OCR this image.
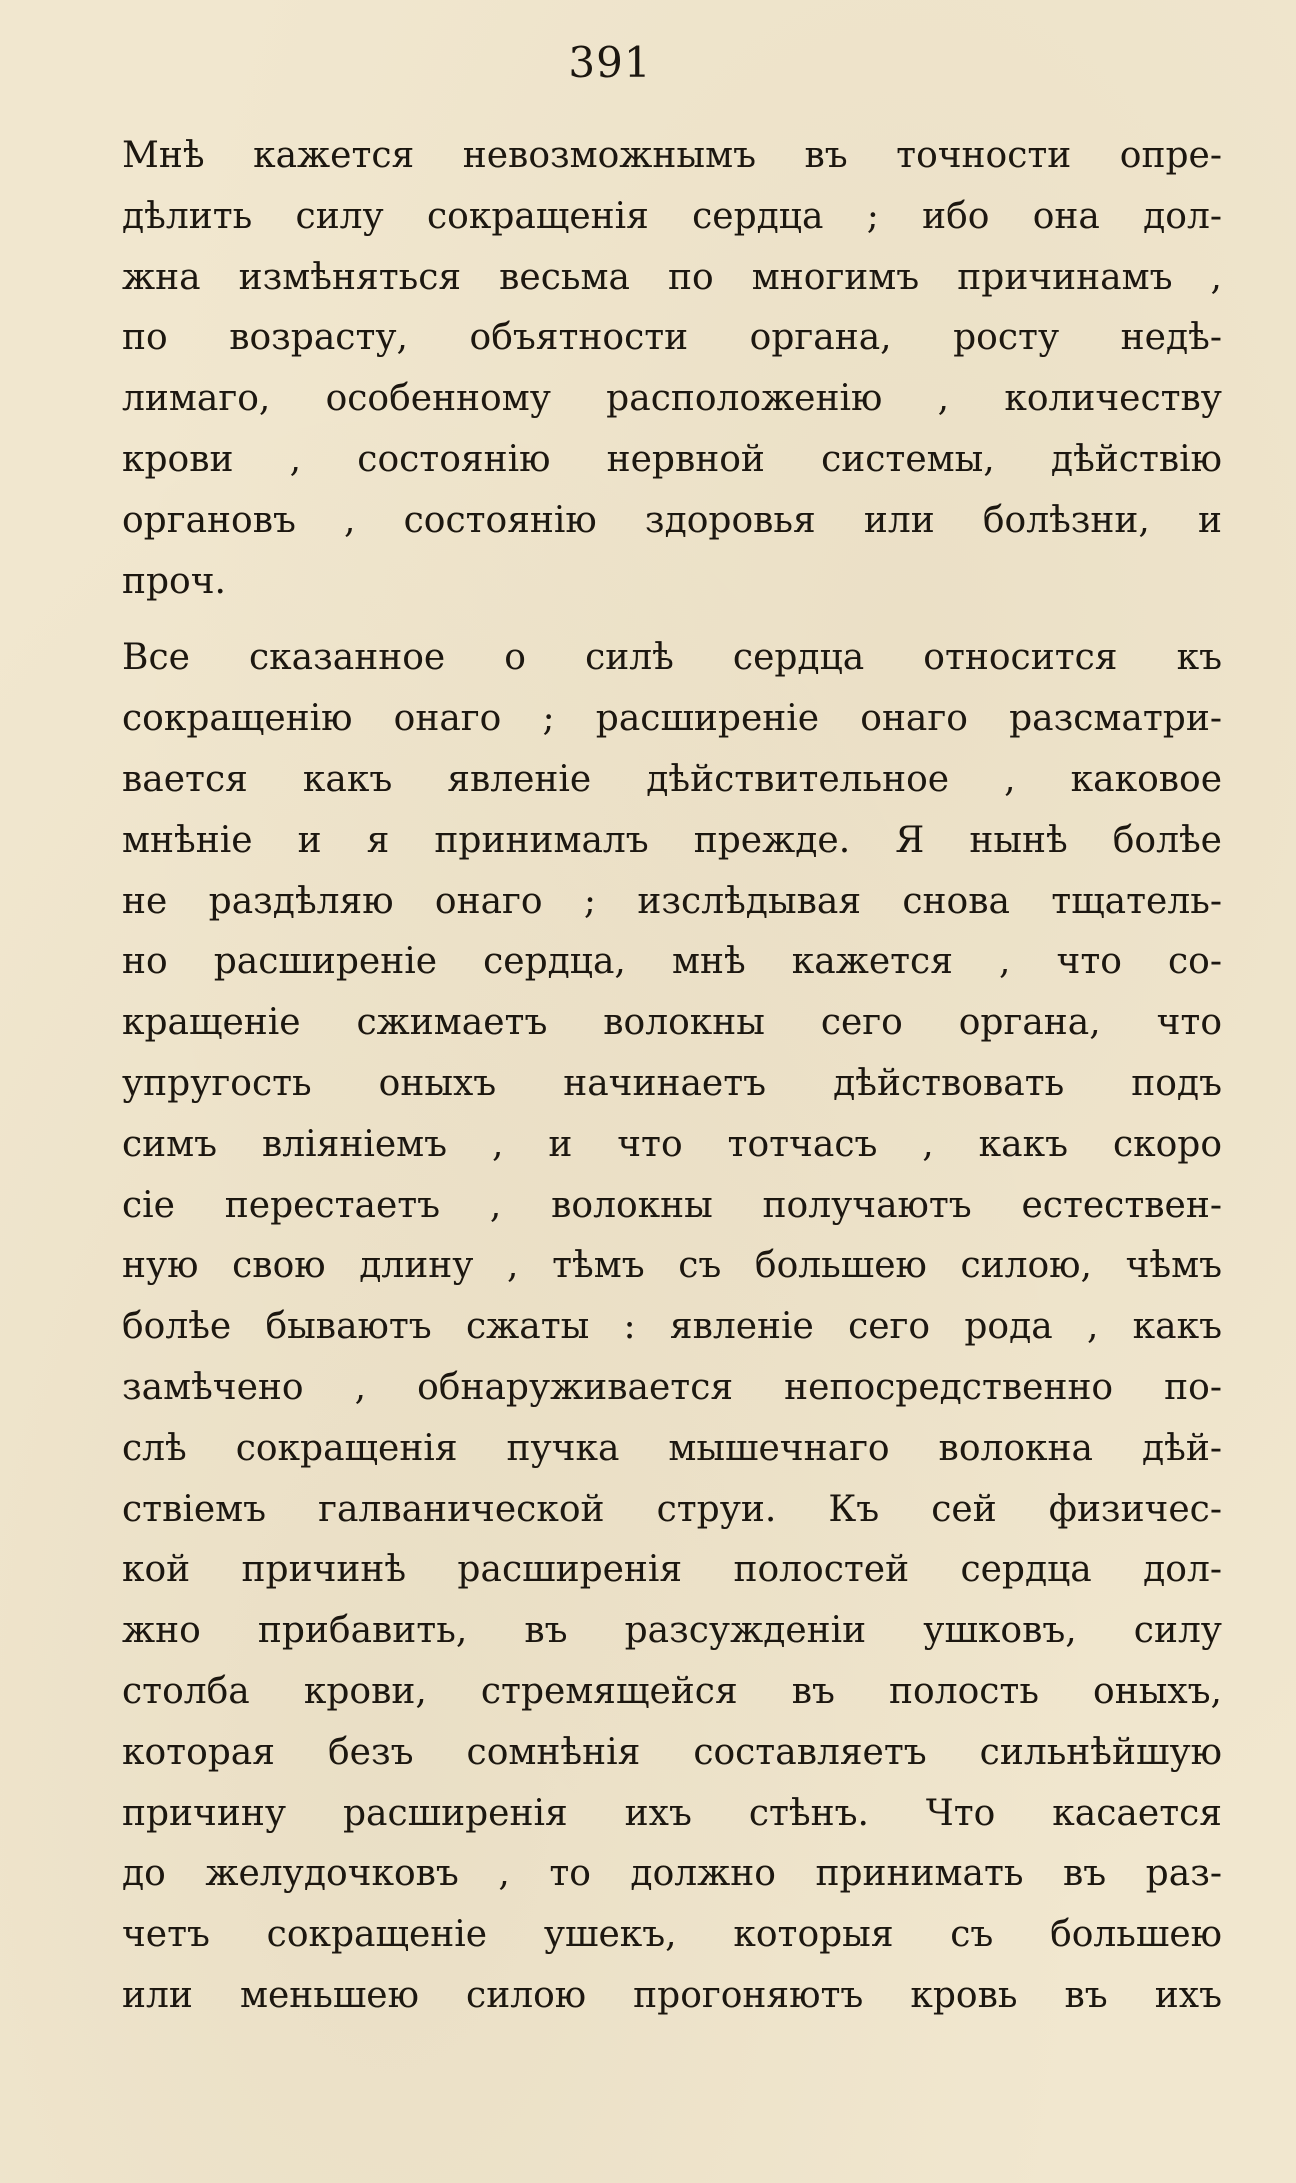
391
Мнѣ кажется невозможнымъ въ точности опре-
дѣлить силу сокращенія сердца ; ибо она дол-
жна измѣняться весьма по многимъ причинамъ ,
по возрасту, объятности органа, росту недѣ-
лимаго, особенному расположенію , количеству
крови , состоянію нервной системы, дѣйствію
органовъ , состоянію здоровья или болѣзни, и
проч.
Все сказанное о силѣ сердца относится къ
сокращенію онаго ; расширеніе онаго разсматри-
вается какъ явленіе дѣйствительное , каковое
мнѣніе и я принималъ прежде. Я нынѣ болѣе
не раздѣляю онаго ; изслѣдывая снова тщатель-
но расширеніе сердца, мнѣ кажется , что со-
кращеніе сжимаетъ волокны сего органа, что
упругость оныхъ начинаетъ дѣйствовать подъ
симъ вліяніемъ , и что тотчасъ , какъ скоро
сіе перестаетъ , волокны получаютъ естествен-
ную свою длину , тѣмъ съ большею силою, чѣмъ
болѣе бываютъ сжаты : явленіе сего рода , какъ
замѣчено , обнаруживается непосредственно по-
слѣ сокращенія пучка мышечнаго волокна дѣй-
ствіемъ галванической струи. Къ сей физичес-
кой причинѣ расширенія полостей сердца дол-
жно прибавить, въ разсужденіи ушковъ, силу
столба крови, стремящейся въ полость оныхъ,
которая безъ сомнѣнія составляетъ сильнѣйшую
причину расширенія ихъ стѣнъ. Что касается
до желудочковъ , то должно принимать въ раз-
четъ сокращеніе ушекъ, которыя съ большею
или меньшею силою прогоняютъ кровь въ ихъ
